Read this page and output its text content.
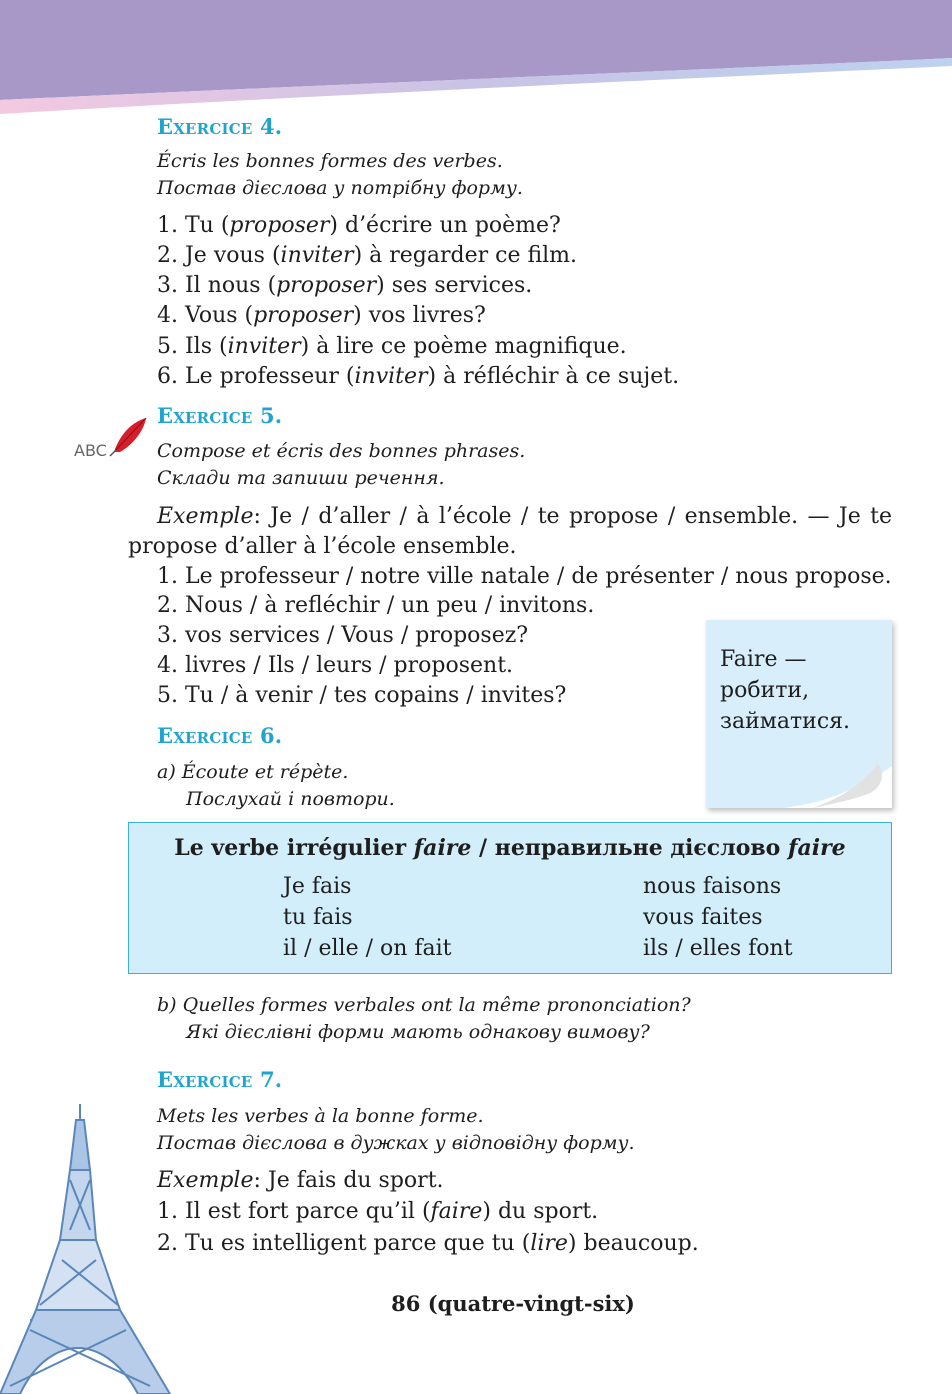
Exercice 4.
Écris les bonnes formes des verbes.
Постав дієслова у потрібну форму.
1. Tu (proposer) d’écrire un poème?
2. Je vous (inviter) à regarder ce film.
3. Il nous (proposer) ses services.
4. Vous (proposer) vos livres?
5. Ils (inviter) à lire ce poème magnifique.
6. Le professeur (inviter) à réfléchir à ce sujet.
Exercice 5.
ABC	Compose et écris des bonnes phrases.
Склади та запиши речення.
Exemple: Je / d’aller / à l’école / te propose / ensemble. — Je te propose d’aller à l’école ensemble.
1. Le professeur / notre ville natale / de présenter / nous propose.
2. Nous / à refléchir / un peu / invitons.
3. vos services / Vous / proposez?
4. livres / Ils / leurs / proposent.
5. Tu / à venir / tes copains / invites?
Faire —
робити,
займатися.
Exercice 6.
a) Écoute et répète.
Послухай і повтори.
Le verbe irrégulier faire / неправильне дієслово faire
Je fais
tu fais
il / elle / on fait
nous faisons
vous faites
ils / elles font
b) Quelles formes verbales ont la même prononciation?
Які дієслівні форми мають однакову вимову?
Exercice 7.
Mets les verbes à la bonne forme.
Постав дієслова в дужках у відповідну форму.
Exemple: Je fais du sport.
1. Il est fort parce qu’il (faire) du sport.
2. Tu es intelligent parce que tu (lire) beaucoup.
86 (quatre-vingt-six)
